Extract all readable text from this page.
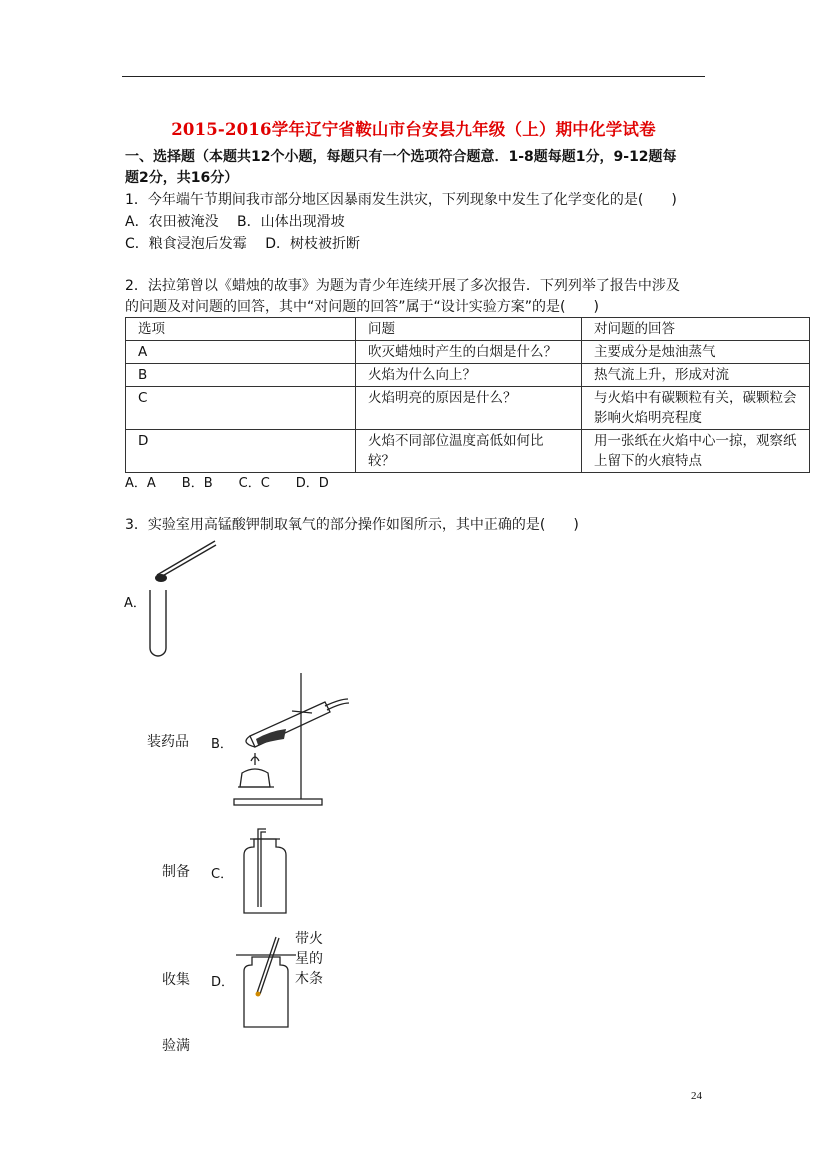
2015-2016学年辽宁省鞍山市台安县九年级（上）期中化学试卷
一、选择题（本题共12个小题，每题只有一个选项符合题意．1-8题每题1分，9-12题每
题2分，共16分）
1．今年端午节期间我市部分地区因暴雨发生洪灾，下列现象中发生了化学变化的是(　　)
A．农田被淹没　 B．山体出现滑坡
C．粮食浸泡后发霉　 D．树枝被折断
2．法拉第曾以《蜡烛的故事》为题为青少年连续开展了多次报告．下列列举了报告中涉及
的问题及对问题的回答，其中“对问题的回答”属于“设计实验方案”的是(　　)
选项	问题	对问题的回答
A	吹灭蜡烛时产生的白烟是什么？	主要成分是烛油蒸气
B	火焰为什么向上？	热气流上升，形成对流
C	火焰明亮的原因是什么？	与火焰中有碳颗粒有关，碳颗粒会影响火焰明亮程度
D	火焰不同部位温度高低如何比较？	用一张纸在火焰中心一掠，观察纸上留下的火痕特点
A．A　　B．B　　C．C　　D．D
3．实验室用高锰酸钾制取氧气的部分操作如图所示，其中正确的是(　　)
A．
装药品 B．
制备 C．
收集 D．
带火
星的
木条
验满
24
